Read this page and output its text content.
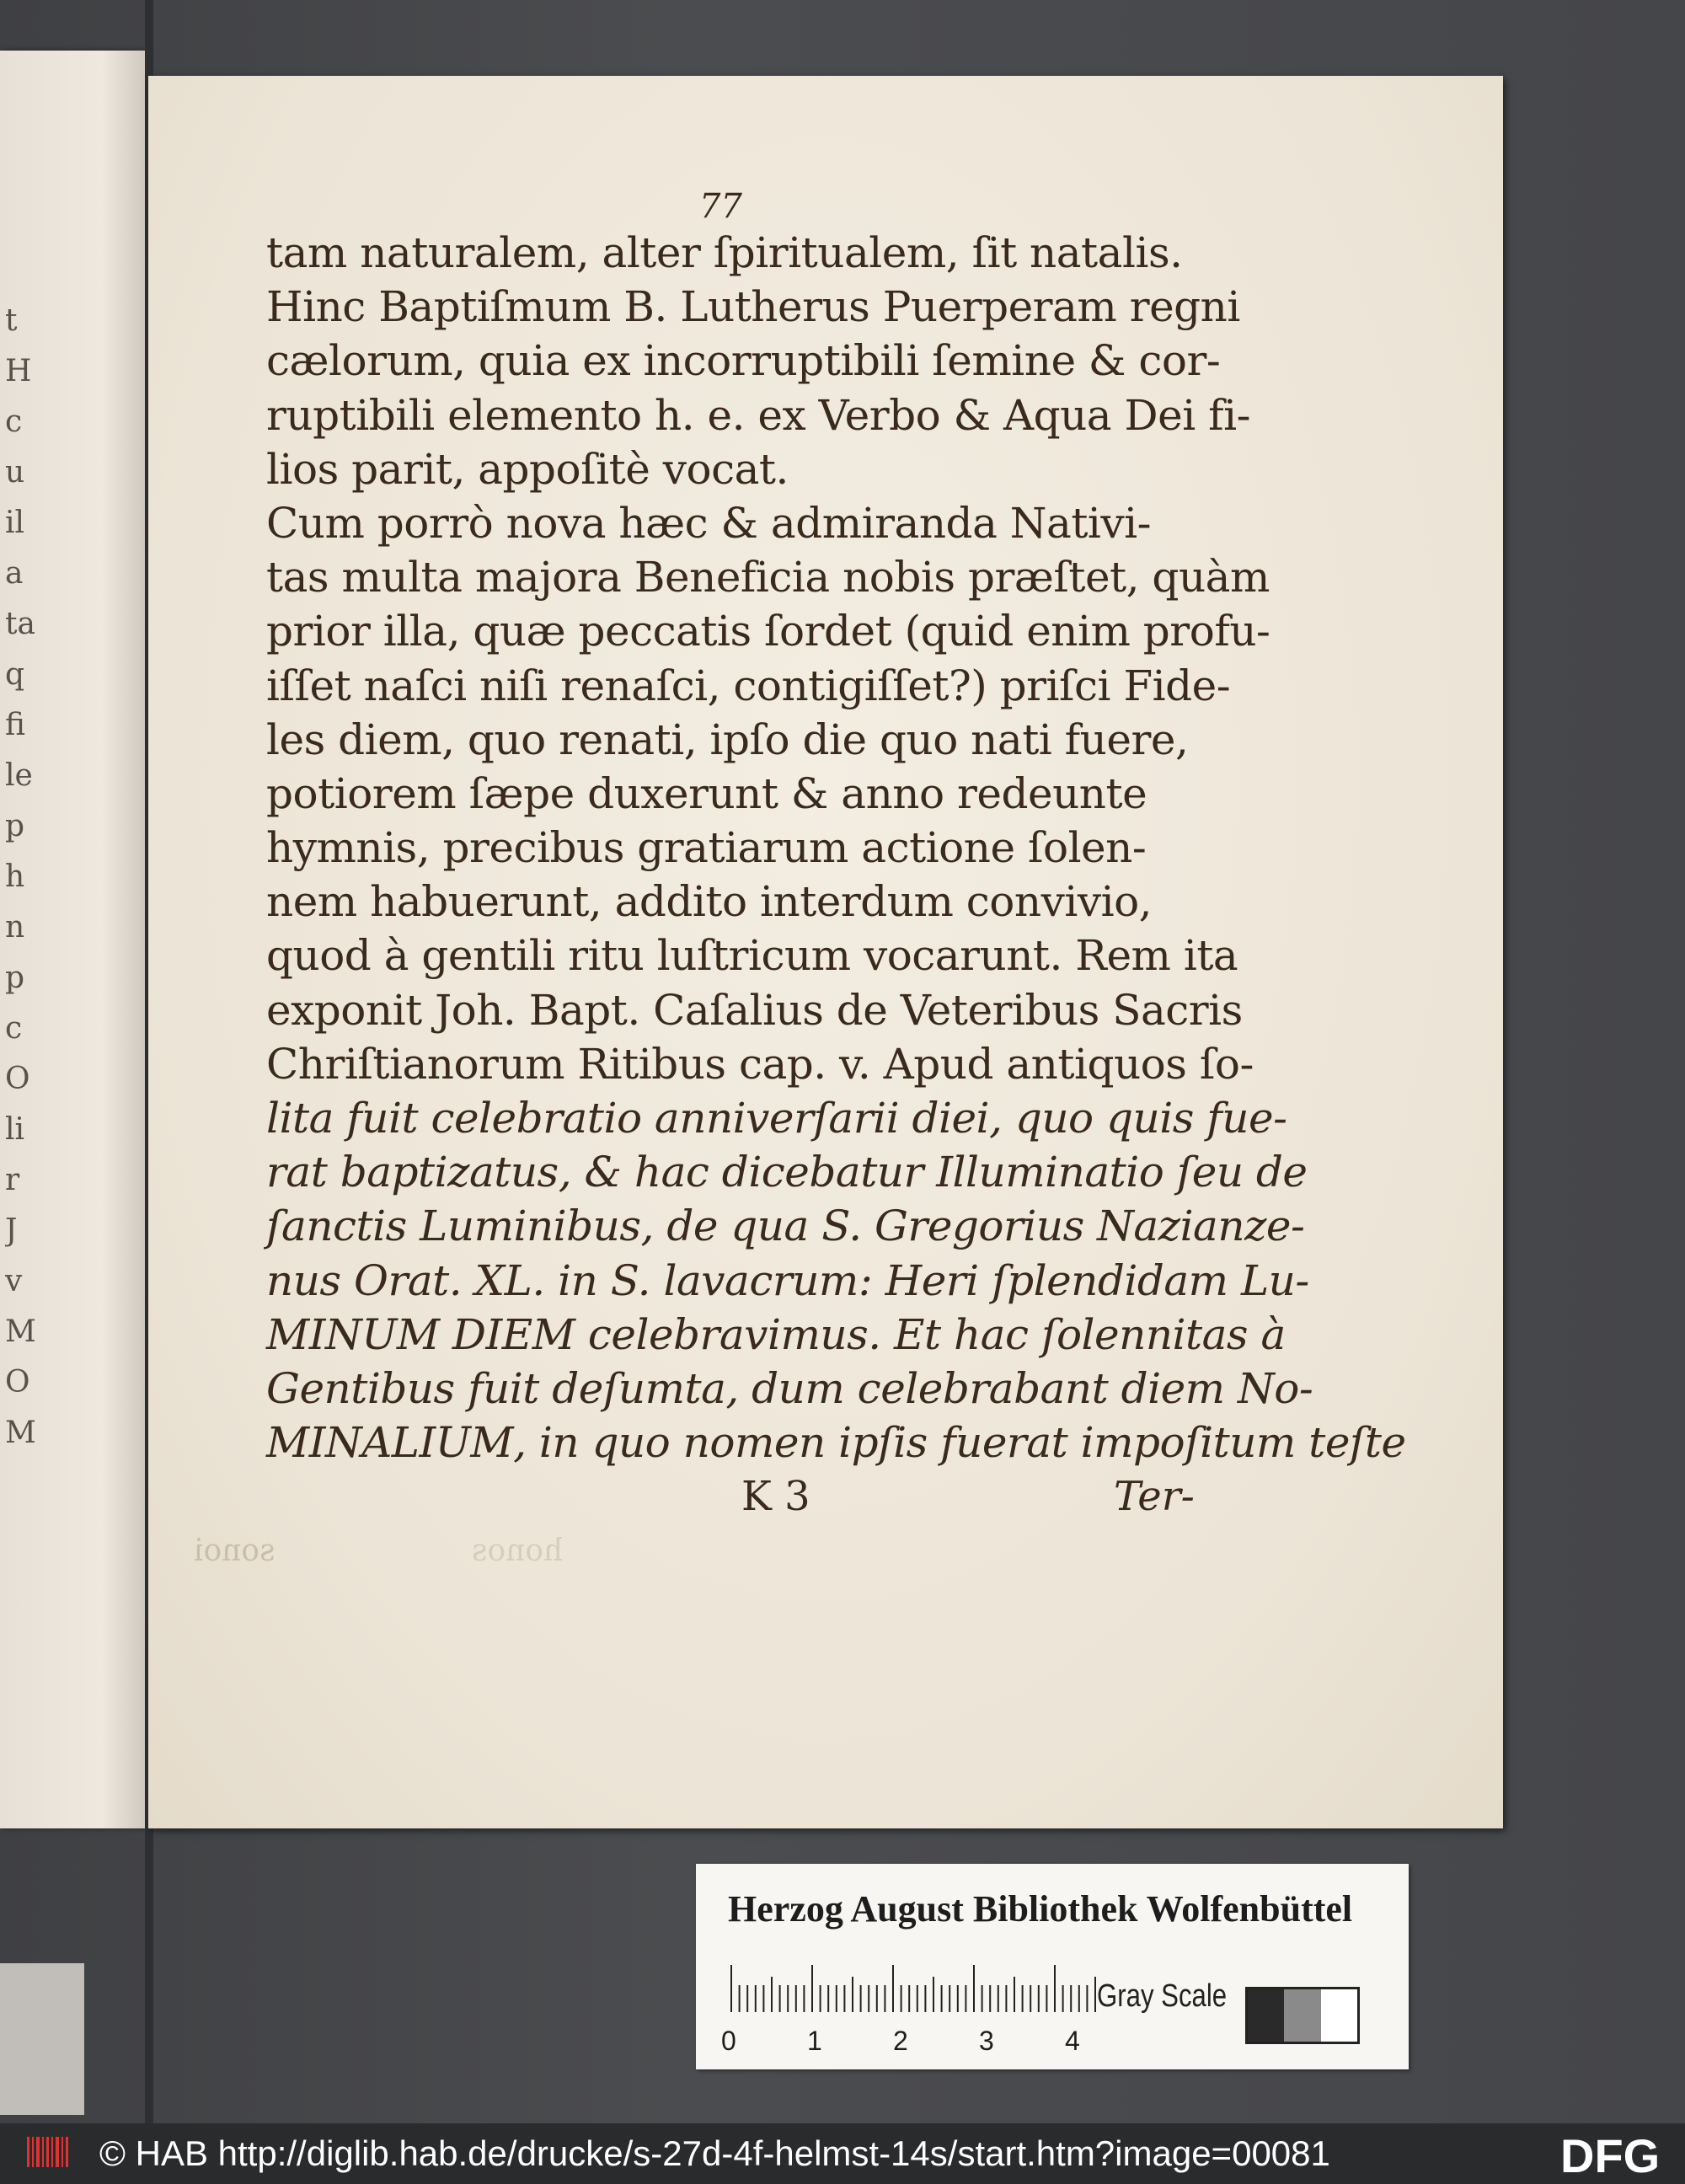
t
H
c
u
il
a
ta
q
fi
le
p
h
n
p
c
O
li
r
J
v
M
O
M
sonoi	honos
77
tam naturalem, alter ſpiritualem, ſit natalis.
Hinc Baptiſmum B. Lutherus Puerperam regni
cælorum, quia ex incorruptibili ſemine & cor-
ruptibili elemento h. e. ex Verbo & Aqua Dei fi-
lios parit, appoſitè vocat.
Cum porrò nova hæc & admiranda Nativi-
tas multa majora Beneficia nobis præſtet, quàm
prior illa, quæ peccatis ſordet (quid enim profu-
iſſet naſci niſi renaſci, contigiſſet?) priſci Fide-
les diem, quo renati, ipſo die quo nati fuere,
potiorem ſæpe duxerunt & anno redeunte
hymnis, precibus gratiarum actione ſolen-
nem habuerunt, addito interdum convivio,
quod à gentili ritu luſtricum vocarunt. Rem ita
exponit Joh. Bapt. Caſalius de Veteribus Sacris
Chriſtianorum Ritibus cap. v. Apud antiquos ſo-
lita fuit celebratio anniverſarii diei, quo quis fue-
rat baptizatus, & hac dicebatur Illuminatio ſeu de
ſanctis Luminibus, de qua S. Gregorius Nazianze-
nus Orat. XL. in S. lavacrum: Heri ſplendidam Lu-
MINUM DIEM celebravimus. Et hac ſolennitas à
Gentibus fuit deſumta, dum celebrabant diem No-
MINALIUM, in quo nomen ipſis fuerat impoſitum teſte
K 3	Ter-
Herzog August Bibliothek Wolfenbüttel
0	1	2	3	4
Gray Scale
© HAB http://diglib.hab.de/drucke/s-27d-4f-helmst-14s/start.htm?image=00081	DFG
